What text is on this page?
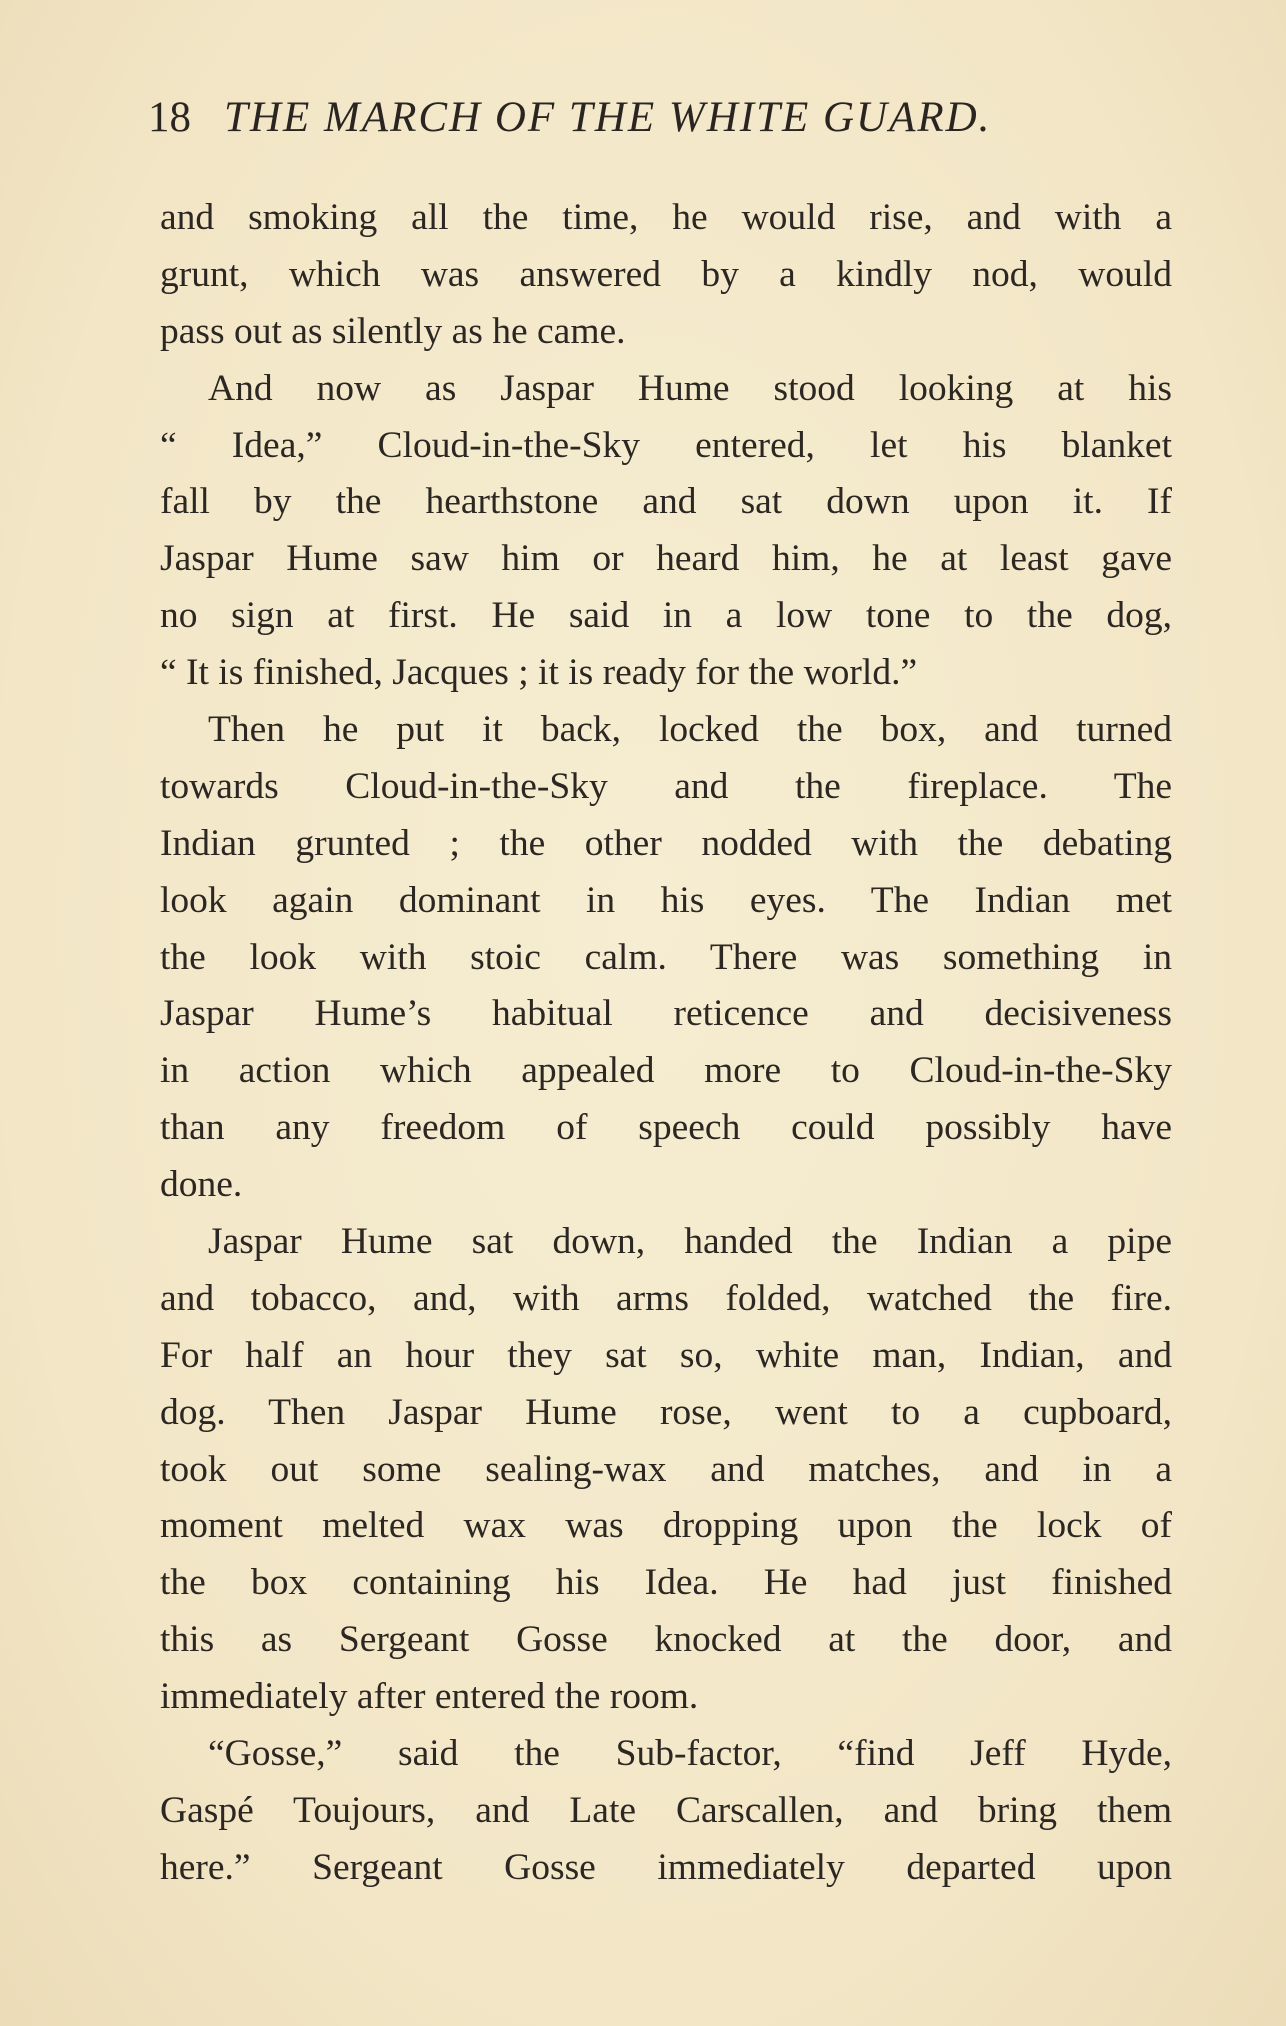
18 THE MARCH OF THE WHITE GUARD.
and smoking all the time, he would rise, and with a
grunt, which was answered by a kindly nod, would
pass out as silently as he came.
And now as Jaspar Hume stood looking at his
“ Idea,” Cloud-in-the-Sky entered, let his blanket
fall by the hearthstone and sat down upon it. If
Jaspar Hume saw him or heard him, he at least gave
no sign at first. He said in a low tone to the dog,
“ It is finished, Jacques ; it is ready for the world.”
Then he put it back, locked the box, and turned
towards Cloud-in-the-Sky and the fireplace. The
Indian grunted ; the other nodded with the debating
look again dominant in his eyes. The Indian met
the look with stoic calm. There was something in
Jaspar Hume’s habitual reticence and decisiveness
in action which appealed more to Cloud-in-the-Sky
than any freedom of speech could possibly have
done.
Jaspar Hume sat down, handed the Indian a pipe
and tobacco, and, with arms folded, watched the fire.
For half an hour they sat so, white man, Indian, and
dog. Then Jaspar Hume rose, went to a cupboard,
took out some sealing-wax and matches, and in a
moment melted wax was dropping upon the lock of
the box containing his Idea. He had just finished
this as Sergeant Gosse knocked at the door, and
immediately after entered the room.
“Gosse,” said the Sub-factor, “find Jeff Hyde,
Gaspé Toujours, and Late Carscallen, and bring them
here.” Sergeant Gosse immediately departed upon
